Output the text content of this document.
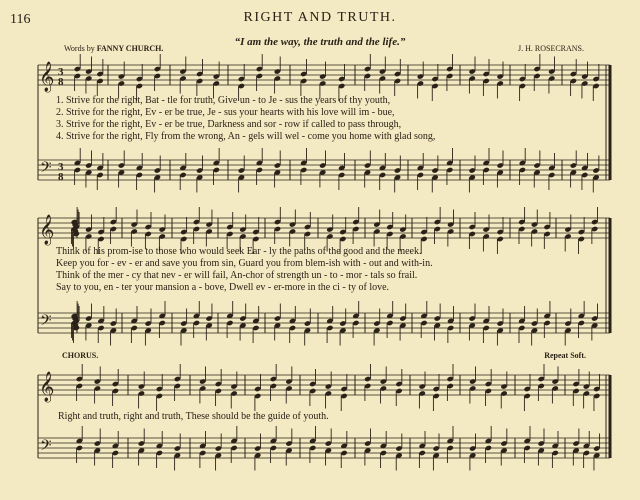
116	RIGHT AND TRUTH.
“I am the way, the truth and the life.”
Words by FANNY CHURCH.	J. H. ROSECRANS.
𝄞
𝄢
3
8
3
8
𝄞
𝄢
𝄞
𝄢
1. Strive for the right, Bat - tle for truth, Give un - to Je - sus the years of thy youth,
2. Strive for the right, Ev - er be true, Je - sus your hearts with his love will im - bue,
3. Strive for the right, Ev - er be true, Darkness and sor - row if called to pass through,
4. Strive for the right, Fly from the wrong, An - gels will wel - come you home with glad song,
Think of his prom-ise to those who would seek Ear - ly the paths of the good and the meek.
Keep you for - ev - er and save you from sin, Guard you from blem-ish with - out and with-in.
Think of the mer - cy that nev - er will fail, An-chor of strength un - to - mor - tals so frail.
Say to you, en - ter your mansion a - bove, Dwell ev - er-more in the ci - ty of love.
CHORUS.	Repeat Soft.
Right and truth, right and truth, These should be the guide of youth.
